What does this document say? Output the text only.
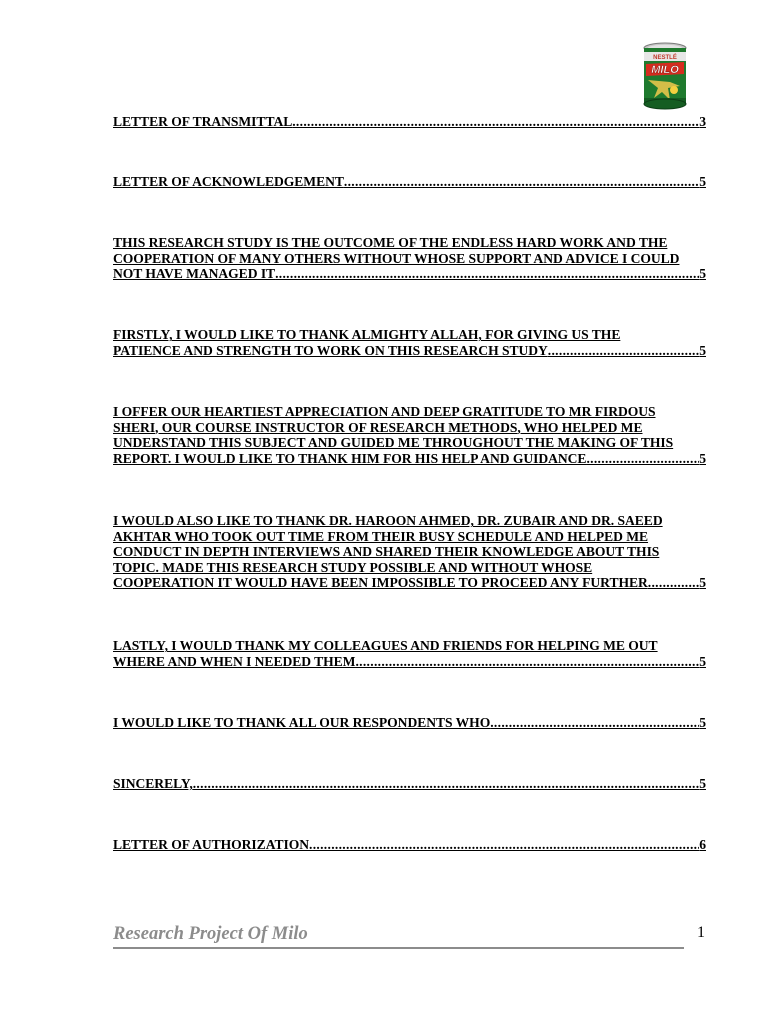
NESTLÉ
MILO
LETTER OF TRANSMITTAL .....	3
LETTER OF ACKNOWLEDGEMENT .....	5
THIS RESEARCH STUDY IS THE OUTCOME OF THE ENDLESS HARD WORK AND THE
COOPERATION OF MANY OTHERS WITHOUT WHOSE SUPPORT AND ADVICE I COULD
NOT HAVE MANAGED IT .....	5
FIRSTLY, I WOULD LIKE TO THANK ALMIGHTY ALLAH, FOR GIVING US THE
PATIENCE AND STRENGTH TO WORK ON THIS RESEARCH STUDY .....	5
I OFFER OUR HEARTIEST APPRECIATION AND DEEP GRATITUDE TO MR FIRDOUS
SHERI, OUR COURSE INSTRUCTOR OF RESEARCH METHODS, WHO HELPED ME
UNDERSTAND THIS SUBJECT AND GUIDED ME THROUGHOUT THE MAKING OF THIS
REPORT. I WOULD LIKE TO THANK HIM FOR HIS HELP AND GUIDANCE .....	5
I WOULD ALSO LIKE TO THANK DR. HAROON AHMED, DR. ZUBAIR AND DR. SAEED
AKHTAR WHO TOOK OUT TIME FROM THEIR BUSY SCHEDULE AND HELPED ME
CONDUCT IN DEPTH INTERVIEWS AND SHARED THEIR KNOWLEDGE ABOUT THIS
TOPIC. MADE THIS RESEARCH STUDY POSSIBLE AND WITHOUT WHOSE
COOPERATION IT WOULD HAVE BEEN IMPOSSIBLE TO PROCEED ANY FURTHER .....	5
LASTLY, I WOULD THANK MY COLLEAGUES AND FRIENDS FOR HELPING ME OUT
WHERE AND WHEN I NEEDED THEM .....	5
I WOULD LIKE TO THANK ALL OUR RESPONDENTS WHO .....	5
SINCERELY, .....	5
LETTER OF AUTHORIZATION .....	6
Research Project Of Milo	1
